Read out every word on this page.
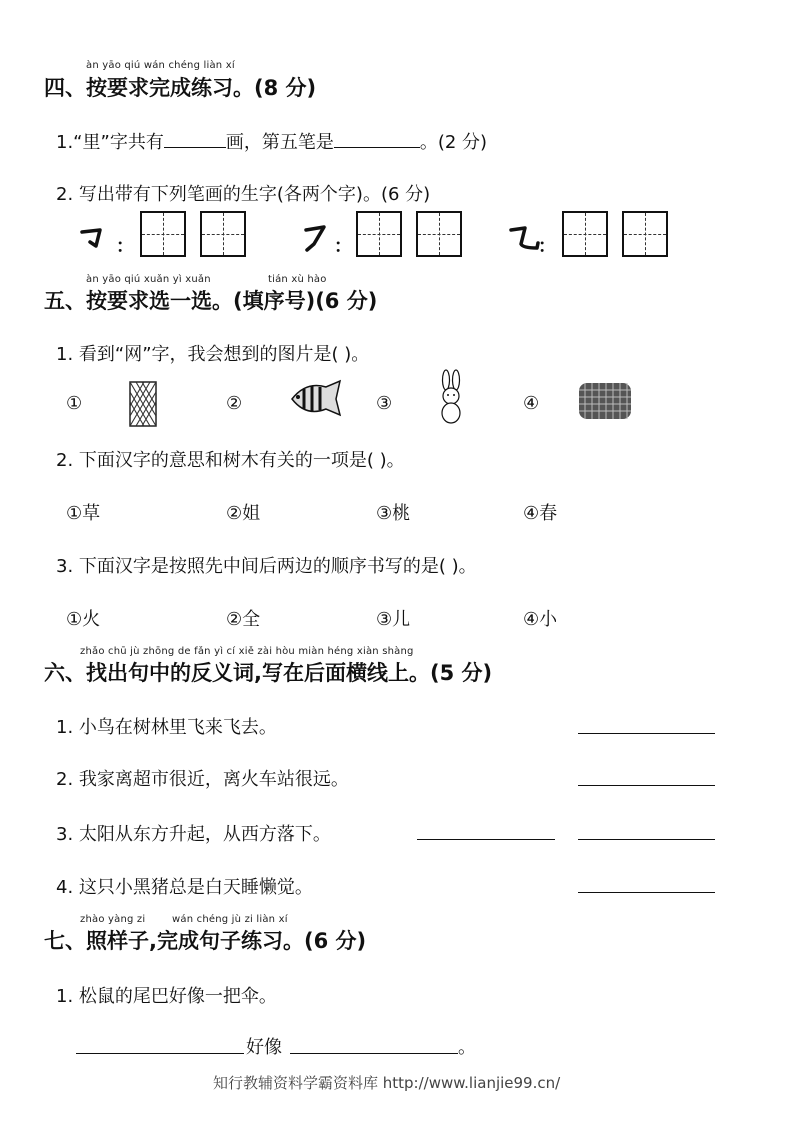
àn yāo qiú wán chéng liàn xí
四、按要求完成练习。(8 分)
1.“里”字共有	画，第五笔是	。(2 分)
2. 写出带有下列笔画的生字(各两个字)。(6 分)
：	：	：
àn yāo qiú xuǎn yì xuǎn	tián xù hào
五、按要求选一选。(填序号)(6 分)
1. 看到“网”字，我会想到的图片是( )。
①	②	③	④
2. 下面汉字的意思和树木有关的一项是( )。
①草	②姐	③桃	④春
3. 下面汉字是按照先中间后两边的顺序书写的是( )。
①火	②全	③儿	④小
zhǎo chū jù zhōng de fǎn yì cí xiě zài hòu miàn héng xiàn shàng
六、找出句中的反义词,写在后面横线上。(5 分)
1. 小鸟在树林里飞来飞去。
2. 我家离超市很近，离火车站很远。
3. 太阳从东方升起，从西方落下。
4. 这只小黑猪总是白天睡懒觉。
zhào yàng zi	wán chéng jù zi liàn xí
七、照样子,完成句子练习。(6 分)
1. 松鼠的尾巴好像一把伞。
好像	。
知行教辅资料学霸资料库 http://www.lianjie99.cn/
